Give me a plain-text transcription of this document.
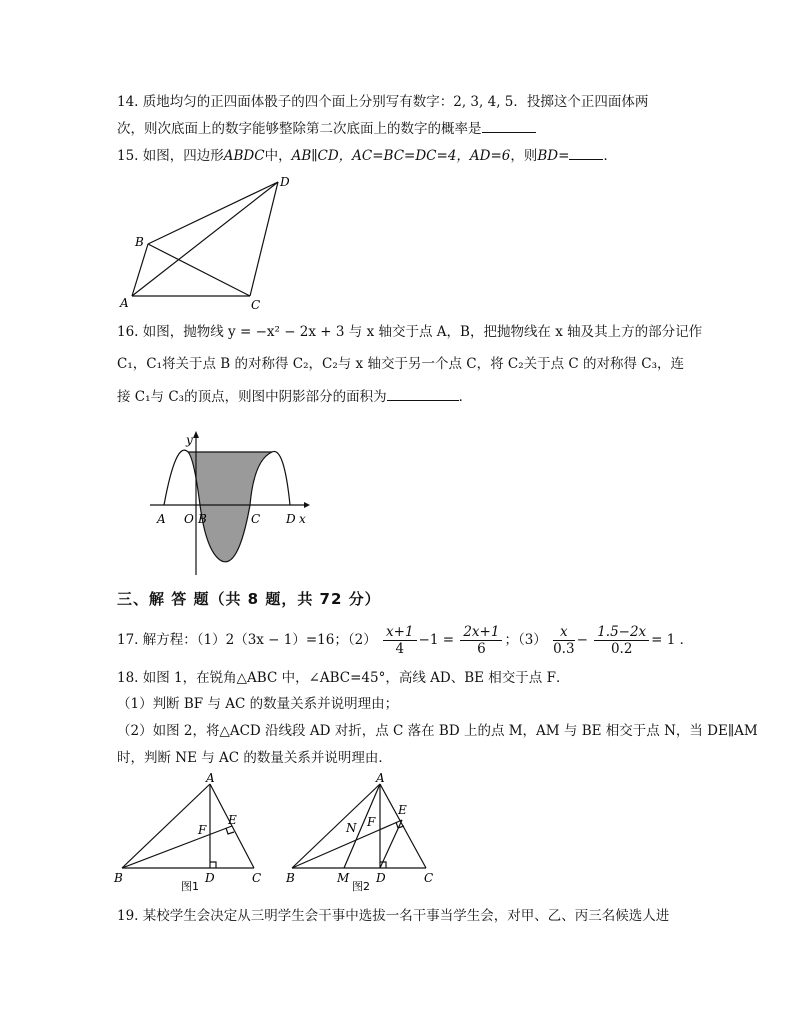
14. 质地均匀的正四面体骰子的四个面上分别写有数字：2, 3, 4, 5．投掷这个正四面体两
次，则次底面上的数字能够整除第二次底面上的数字的概率是
15. 如图，四边形ABDC中，AB∥CD，AC=BC=DC=4，AD=6，则BD=	．
A
B
C
D
16. 如图，抛物线 y = −x² − 2x + 3 与 x 轴交于点 A，B，把抛物线在 x 轴及其上方的部分记作
C₁，C₁将关于点 B 的对称得 C₂，C₂与 x 轴交于另一个点 C，将 C₂关于点 C 的对称得 C₃，连
接 C₁与 C₃的顶点，则图中阴影部分的面积为	．
y
A O B	C D x
三、解 答 题（共 8 题，共 72 分）
17. 解方程：（1）2（3x − 1）=16；$(2) \frac{x+1}{4} -1 = \frac{2x+1}{6}$ ；$(3) \frac{x}{0.3} - \frac{1.5-2x}{0.2} = 1$ ．
18. 如图 1，在锐角△ABC 中，∠ABC=45°，高线 AD、BE 相交于点 F．
（1）判断 BF 与 AC 的数量关系并说明理由；
（2）如图 2，将△ACD 沿线段 AD 对折，点 C 落在 BD 上的点 M，AM 与 BE 相交于点 N，当 DE∥AM
时，判断 NE 与 AC 的数量关系并说明理由．
A
B	C
D
E
F
图1
A
B	C
D
E
F
M
N
图2
19. 某校学生会决定从三明学生会干事中选拔一名干事当学生会，对甲、乙、丙三名候选人进
